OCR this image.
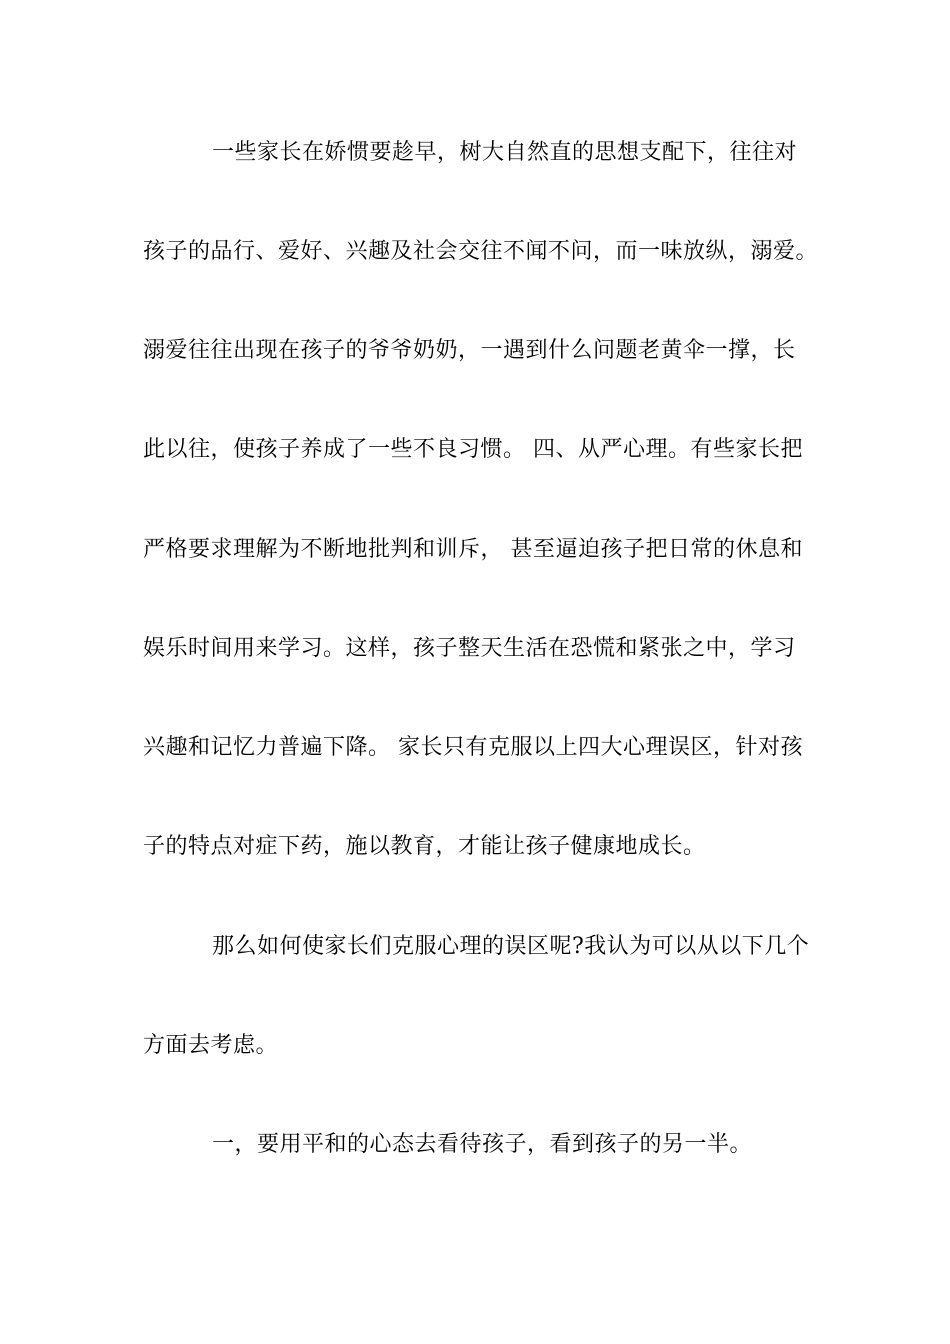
一些家长在娇惯要趁早，树大自然直的思想支配下，往往对
孩子的品行、爱好、兴趣及社会交往不闻不问，而一味放纵，溺爱。
溺爱往往出现在孩子的爷爷奶奶，一遇到什么问题老黄伞一撑，长
此以往，使孩子养成了一些不良习惯。 四、从严心理。有些家长把
严格要求理解为不断地批判和训斥， 甚至逼迫孩子把日常的休息和
娱乐时间用来学习。这样，孩子整天生活在恐慌和紧张之中，学习
兴趣和记忆力普遍下降。 家长只有克服以上四大心理误区，针对孩
子的特点对症下药，施以教育，才能让孩子健康地成长。
那么如何使家长们克服心理的误区呢?我认为可以从以下几个
方面去考虑。
一，要用平和的心态去看待孩子，看到孩子的另一半。
